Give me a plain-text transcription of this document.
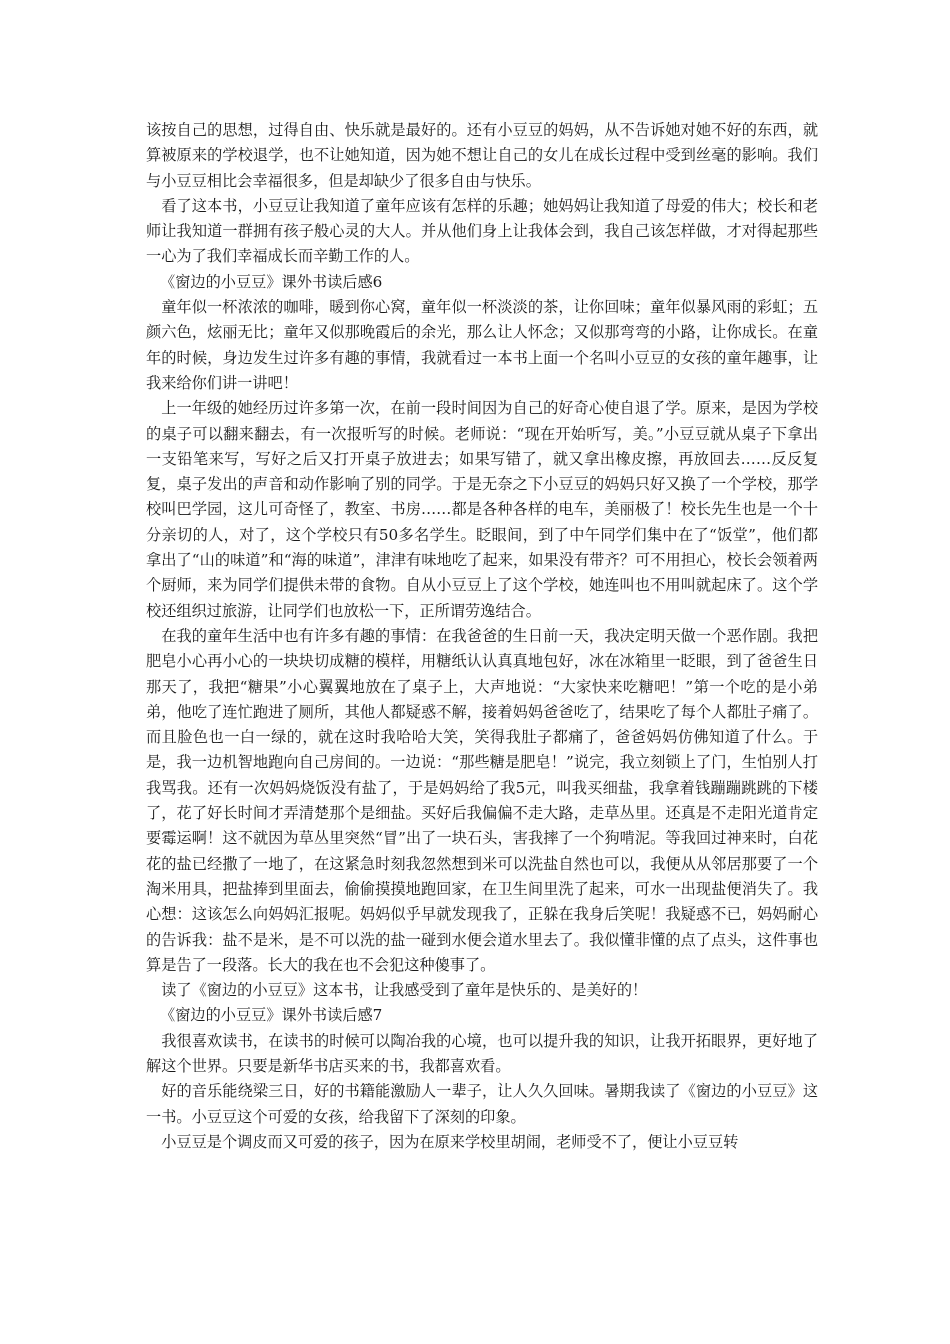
该按自己的思想，过得自由、快乐就是最好的。还有小豆豆的妈妈，从不告诉她对她不好的东西，就算被原来的学校退学，也不让她知道，因为她不想让自己的女儿在成长过程中受到丝毫的影响。我们与小豆豆相比会幸福很多，但是却缺少了很多自由与快乐。

看了这本书，小豆豆让我知道了童年应该有怎样的乐趣；她妈妈让我知道了母爱的伟大；校长和老师让我知道一群拥有孩子般心灵的大人。并从他们身上让我体会到，我自己该怎样做，才对得起那些一心为了我们幸福成长而辛勤工作的人。

《窗边的小豆豆》课外书读后感6

童年似一杯浓浓的咖啡，暖到你心窝，童年似一杯淡淡的茶，让你回味；童年似暴风雨的彩虹；五颜六色，炫丽无比；童年又似那晚霞后的余光，那么让人怀念；又似那弯弯的小路，让你成长。在童年的时候，身边发生过许多有趣的事情，我就看过一本书上面一个名叫小豆豆的女孩的童年趣事，让我来给你们讲一讲吧！

上一年级的她经历过许多第一次，在前一段时间因为自己的好奇心使自退了学。原来，是因为学校的桌子可以翻来翻去，有一次报听写的时候。老师说：“现在开始听写，美。”小豆豆就从桌子下拿出一支铅笔来写，写好之后又打开桌子放进去；如果写错了，就又拿出橡皮擦，再放回去……反反复复，桌子发出的声音和动作影响了别的同学。于是无奈之下小豆豆的妈妈只好又换了一个学校，那学校叫巴学园，这儿可奇怪了，教室、书房……都是各种各样的电车，美丽极了！校长先生也是一个十分亲切的人，对了，这个学校只有50多名学生。眨眼间，到了中午同学们集中在了“饭堂”，他们都拿出了“山的味道”和“海的味道”，津津有味地吃了起来，如果没有带齐？可不用担心，校长会领着两个厨师，来为同学们提供未带的食物。自从小豆豆上了这个学校，她连叫也不用叫就起床了。这个学校还组织过旅游，让同学们也放松一下，正所谓劳逸结合。

在我的童年生活中也有许多有趣的事情：在我爸爸的生日前一天，我决定明天做一个恶作剧。我把肥皂小心再小心的一块块切成糖的模样，用糖纸认认真真地包好，冰在冰箱里一眨眼，到了爸爸生日那天了，我把“糖果”小心翼翼地放在了桌子上，大声地说：“大家快来吃糖吧！”第一个吃的是小弟弟，他吃了连忙跑进了厕所，其他人都疑惑不解，接着妈妈爸爸吃了，结果吃了每个人都肚子痛了。而且脸色也一白一绿的，就在这时我哈哈大笑，笑得我肚子都痛了，爸爸妈妈仿佛知道了什么。于是，我一边机智地跑向自己房间的。一边说：“那些糖是肥皂！”说完，我立刻锁上了门，生怕别人打我骂我。还有一次妈妈烧饭没有盐了，于是妈妈给了我5元，叫我买细盐，我拿着钱蹦蹦跳跳的下楼了，花了好长时间才弄清楚那个是细盐。买好后我偏偏不走大路，走草丛里。还真是不走阳光道肯定要霉运啊！这不就因为草丛里突然“冒”出了一块石头，害我摔了一个狗啃泥。等我回过神来时，白花花的盐已经撒了一地了，在这紧急时刻我忽然想到米可以洗盐自然也可以，我便从从邻居那要了一个淘米用具，把盐捧到里面去，偷偷摸摸地跑回家，在卫生间里洗了起来，可水一出现盐便消失了。我心想：这该怎么向妈妈汇报呢。妈妈似乎早就发现我了，正躲在我身后笑呢！我疑惑不已，妈妈耐心的告诉我：盐不是米，是不可以洗的盐一碰到水便会道水里去了。我似懂非懂的点了点头，这件事也算是告了一段落。长大的我在也不会犯这种傻事了。

读了《窗边的小豆豆》这本书，让我感受到了童年是快乐的、是美好的！

《窗边的小豆豆》课外书读后感7

我很喜欢读书，在读书的时候可以陶冶我的心境，也可以提升我的知识，让我开拓眼界，更好地了解这个世界。只要是新华书店买来的书，我都喜欢看。

好的音乐能绕梁三日，好的书籍能激励人一辈子，让人久久回味。暑期我读了《窗边的小豆豆》这一书。小豆豆这个可爱的女孩，给我留下了深刻的印象。

小豆豆是个调皮而又可爱的孩子，因为在原来学校里胡闹，老师受不了，便让小豆豆转
